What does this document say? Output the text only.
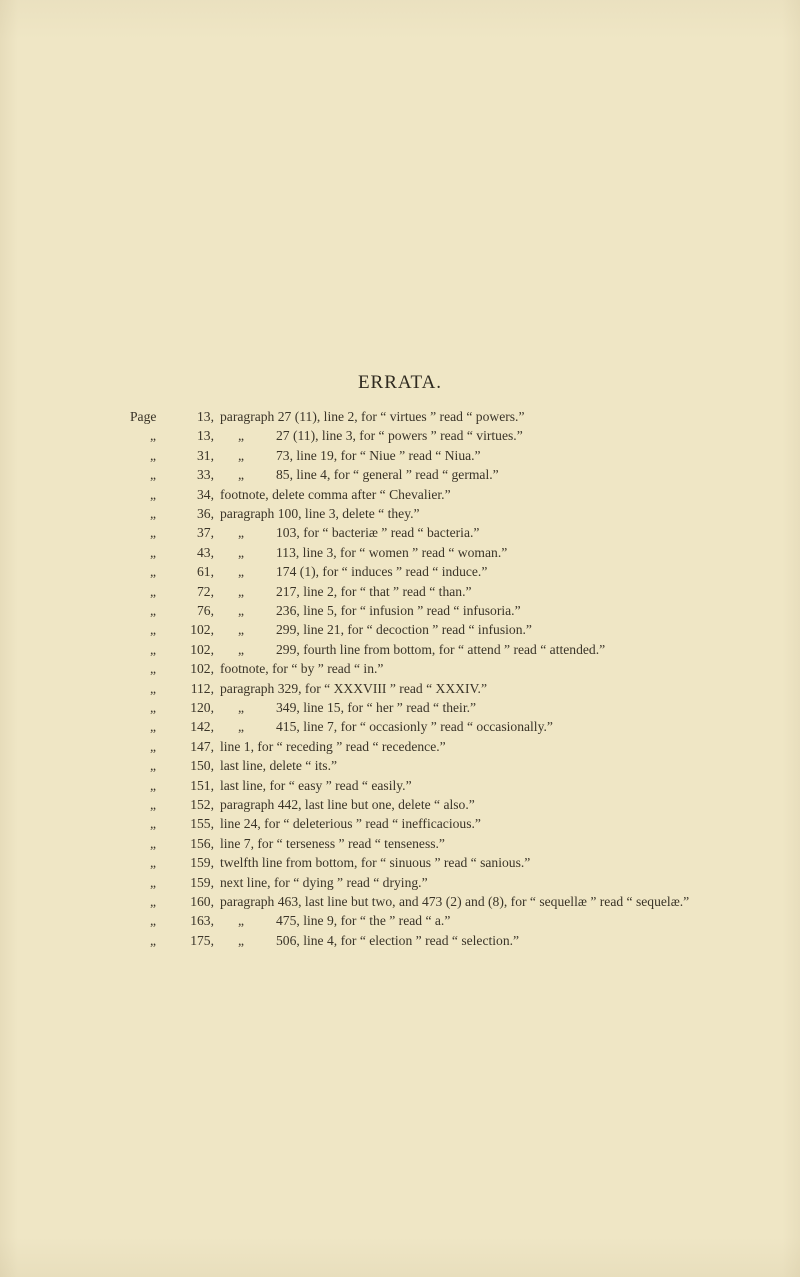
ERRATA.
Page	13, paragraph 27 (11), line 2, for “ virtues ” read “ powers.”
„	13, „ 27 (11), line 3, for “ powers ” read “ virtues.”
„	31, „ 73, line 19, for “ Niue ” read “ Niua.”
„	33, „ 85, line 4, for “ general ” read “ germal.”
„	34, footnote, delete comma after “ Chevalier.”
„	36, paragraph 100, line 3, delete “ they.”
„	37, „ 103, for “ bacteriæ ” read “ bacteria.”
„	43, „ 113, line 3, for “ women ” read “ woman.”
„	61, „ 174 (1), for “ induces ” read “ induce.”
„	72, „ 217, line 2, for “ that ” read “ than.”
„	76, „ 236, line 5, for “ infusion ” read “ infusoria.”
„	102, „ 299, line 21, for “ decoction ” read “ infusion.”
„	102, „ 299, fourth line from bottom, for “ attend ” read “ attended.”
„	102, footnote, for “ by ” read “ in.”
„	112, paragraph 329, for “ XXXVIII ” read “ XXXIV.”
„	120, „ 349, line 15, for “ her ” read “ their.”
„	142, „ 415, line 7, for “ occasionly ” read “ occasionally.”
„	147, line 1, for “ receding ” read “ recedence.”
„	150, last line, delete “ its.”
„	151, last line, for “ easy ” read “ easily.”
„	152, paragraph 442, last line but one, delete “ also.”
„	155, line 24, for “ deleterious ” read “ inefficacious.”
„	156, line 7, for “ terseness ” read “ tenseness.”
„	159, twelfth line from bottom, for “ sinuous ” read “ sanious.”
„	159, next line, for “ dying ” read “ drying.”
„	160, paragraph 463, last line but two, and 473 (2) and (8), for “ sequellæ ” read “ sequelæ.”
„	163, „ 475, line 9, for “ the ” read “ a.”
„	175, „ 506, line 4, for “ election ” read “ selection.”
